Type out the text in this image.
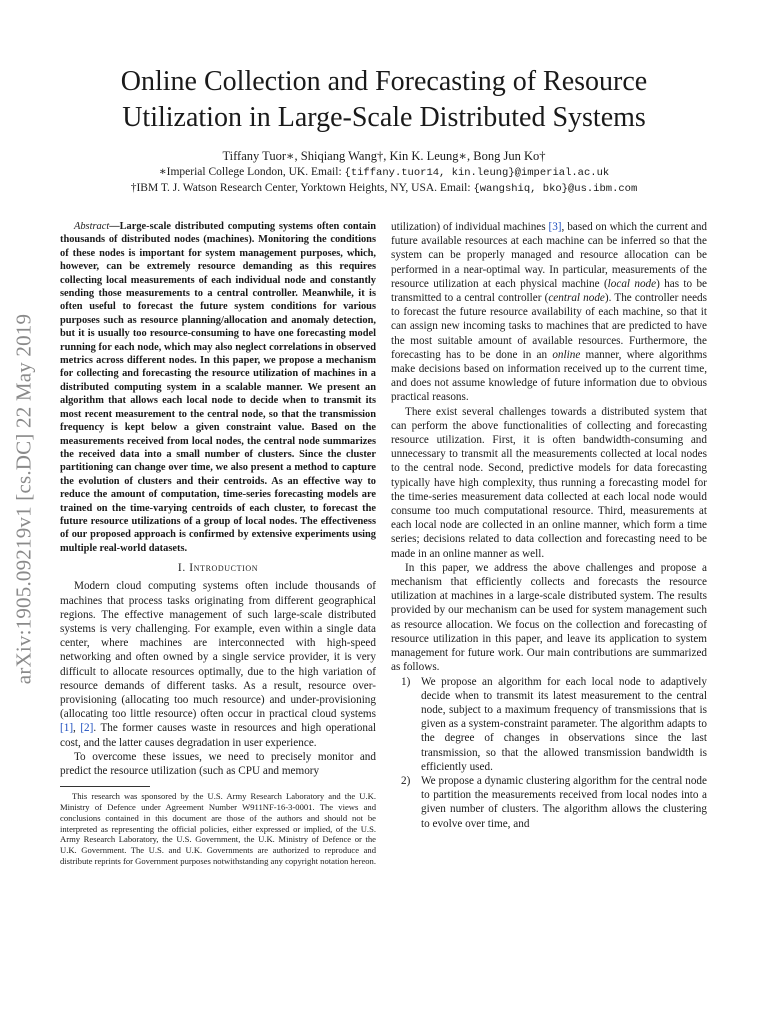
Online Collection and Forecasting of Resource
Utilization in Large-Scale Distributed Systems
Tiffany Tuor∗, Shiqiang Wang†, Kin K. Leung∗, Bong Jun Ko†
∗Imperial College London, UK. Email: {tiffany.tuor14, kin.leung}@imperial.ac.uk
†IBM T. J. Watson Research Center, Yorktown Heights, NY, USA. Email: {wangshiq, bko}@us.ibm.com
arXiv:1905.09219v1 [cs.DC] 22 May 2019

Abstract—Large-scale distributed computing systems often contain thousands of distributed nodes (machines). Monitoring the conditions of these nodes is important for system management purposes, which, however, can be extremely resource demanding as this requires collecting local measurements of each individual node and constantly sending those measurements to a central controller. Meanwhile, it is often useful to forecast the future system conditions for various purposes such as resource planning/allocation and anomaly detection, but it is usually too resource-consuming to have one forecasting model running for each node, which may also neglect correlations in observed metrics across different nodes. In this paper, we propose a mechanism for collecting and forecasting the resource utilization of machines in a distributed computing system in a scalable manner. We present an algorithm that allows each local node to decide when to transmit its most recent measurement to the central node, so that the transmission frequency is kept below a given constraint value. Based on the measurements received from local nodes, the central node summarizes the received data into a small number of clusters. Since the cluster partitioning can change over time, we also present a method to capture the evolution of clusters and their centroids. As an effective way to reduce the amount of computation, time-series forecasting models are trained on the time-varying centroids of each cluster, to forecast the future resource utilizations of a group of local nodes. The effectiveness of our proposed approach is confirmed by extensive experiments using multiple real-world datasets.

I. Introduction

Modern cloud computing systems often include thousands of machines that process tasks originating from different geographical regions. The effective management of such large-scale distributed systems is very challenging. For example, even within a single data center, where machines are interconnected with high-speed networking and often owned by a single service provider, it is very difficult to allocate resources optimally, due to the high variation of resource demands of different tasks. As a result, resource over-provisioning (allocating too much resource) and under-provisioning (allocating too little resource) often occur in practical cloud systems [1], [2]. The former causes waste in resources and high operational cost, and the latter causes degradation in user experience.

To overcome these issues, we need to precisely monitor and predict the resource utilization (such as CPU and memory

This research was sponsored by the U.S. Army Research Laboratory and the U.K. Ministry of Defence under Agreement Number W911NF-16-3-0001. The views and conclusions contained in this document are those of the authors and should not be interpreted as representing the official policies, either expressed or implied, of the U.S. Army Research Laboratory, the U.S. Government, the U.K. Ministry of Defence or the U.K. Government. The U.S. and U.K. Governments are authorized to reproduce and distribute reprints for Government purposes notwithstanding any copyright notation hereon.

utilization) of individual machines [3], based on which the current and future available resources at each machine can be inferred so that the system can be properly managed and resource allocation can be performed in a near-optimal way. In particular, measurements of the resource utilization at each physical machine (local node) has to be transmitted to a central controller (central node). The controller needs to forecast the future resource availability of each machine, so that it can assign new incoming tasks to machines that are predicted to have the most suitable amount of available resources. Furthermore, the forecasting has to be done in an online manner, where algorithms make decisions based on information received up to the current time, and does not assume knowledge of future information due to obvious practical reasons.

There exist several challenges towards a distributed system that can perform the above functionalities of collecting and forecasting resource utilization. First, it is often bandwidth-consuming and unnecessary to transmit all the measurements collected at local nodes to the central node. Second, predictive models for data forecasting typically have high complexity, thus running a forecasting model for the time-series measurement data collected at each local node would consume too much computational resource. Third, measurements at each local node are collected in an online manner, which form a time series; decisions related to data collection and forecasting need to be made in an online manner as well.

In this paper, we address the above challenges and propose a mechanism that efficiently collects and forecasts the resource utilization at machines in a large-scale distributed system. The results provided by our mechanism can be used for system management such as resource allocation. We focus on the collection and forecasting of resource utilization in this paper, and leave its application to system management for future work. Our main contributions are summarized as follows.

1) We propose an algorithm for each local node to adaptively decide when to transmit its latest measurement to the central node, subject to a maximum frequency of transmissions that is given as a system-constraint parameter. The algorithm adapts to the degree of changes in observations since the last transmission, so that the allowed transmission bandwidth is efficiently used.
2) We propose a dynamic clustering algorithm for the central node to partition the measurements received from local nodes into a given number of clusters. The algorithm allows the clustering to evolve over time, and
